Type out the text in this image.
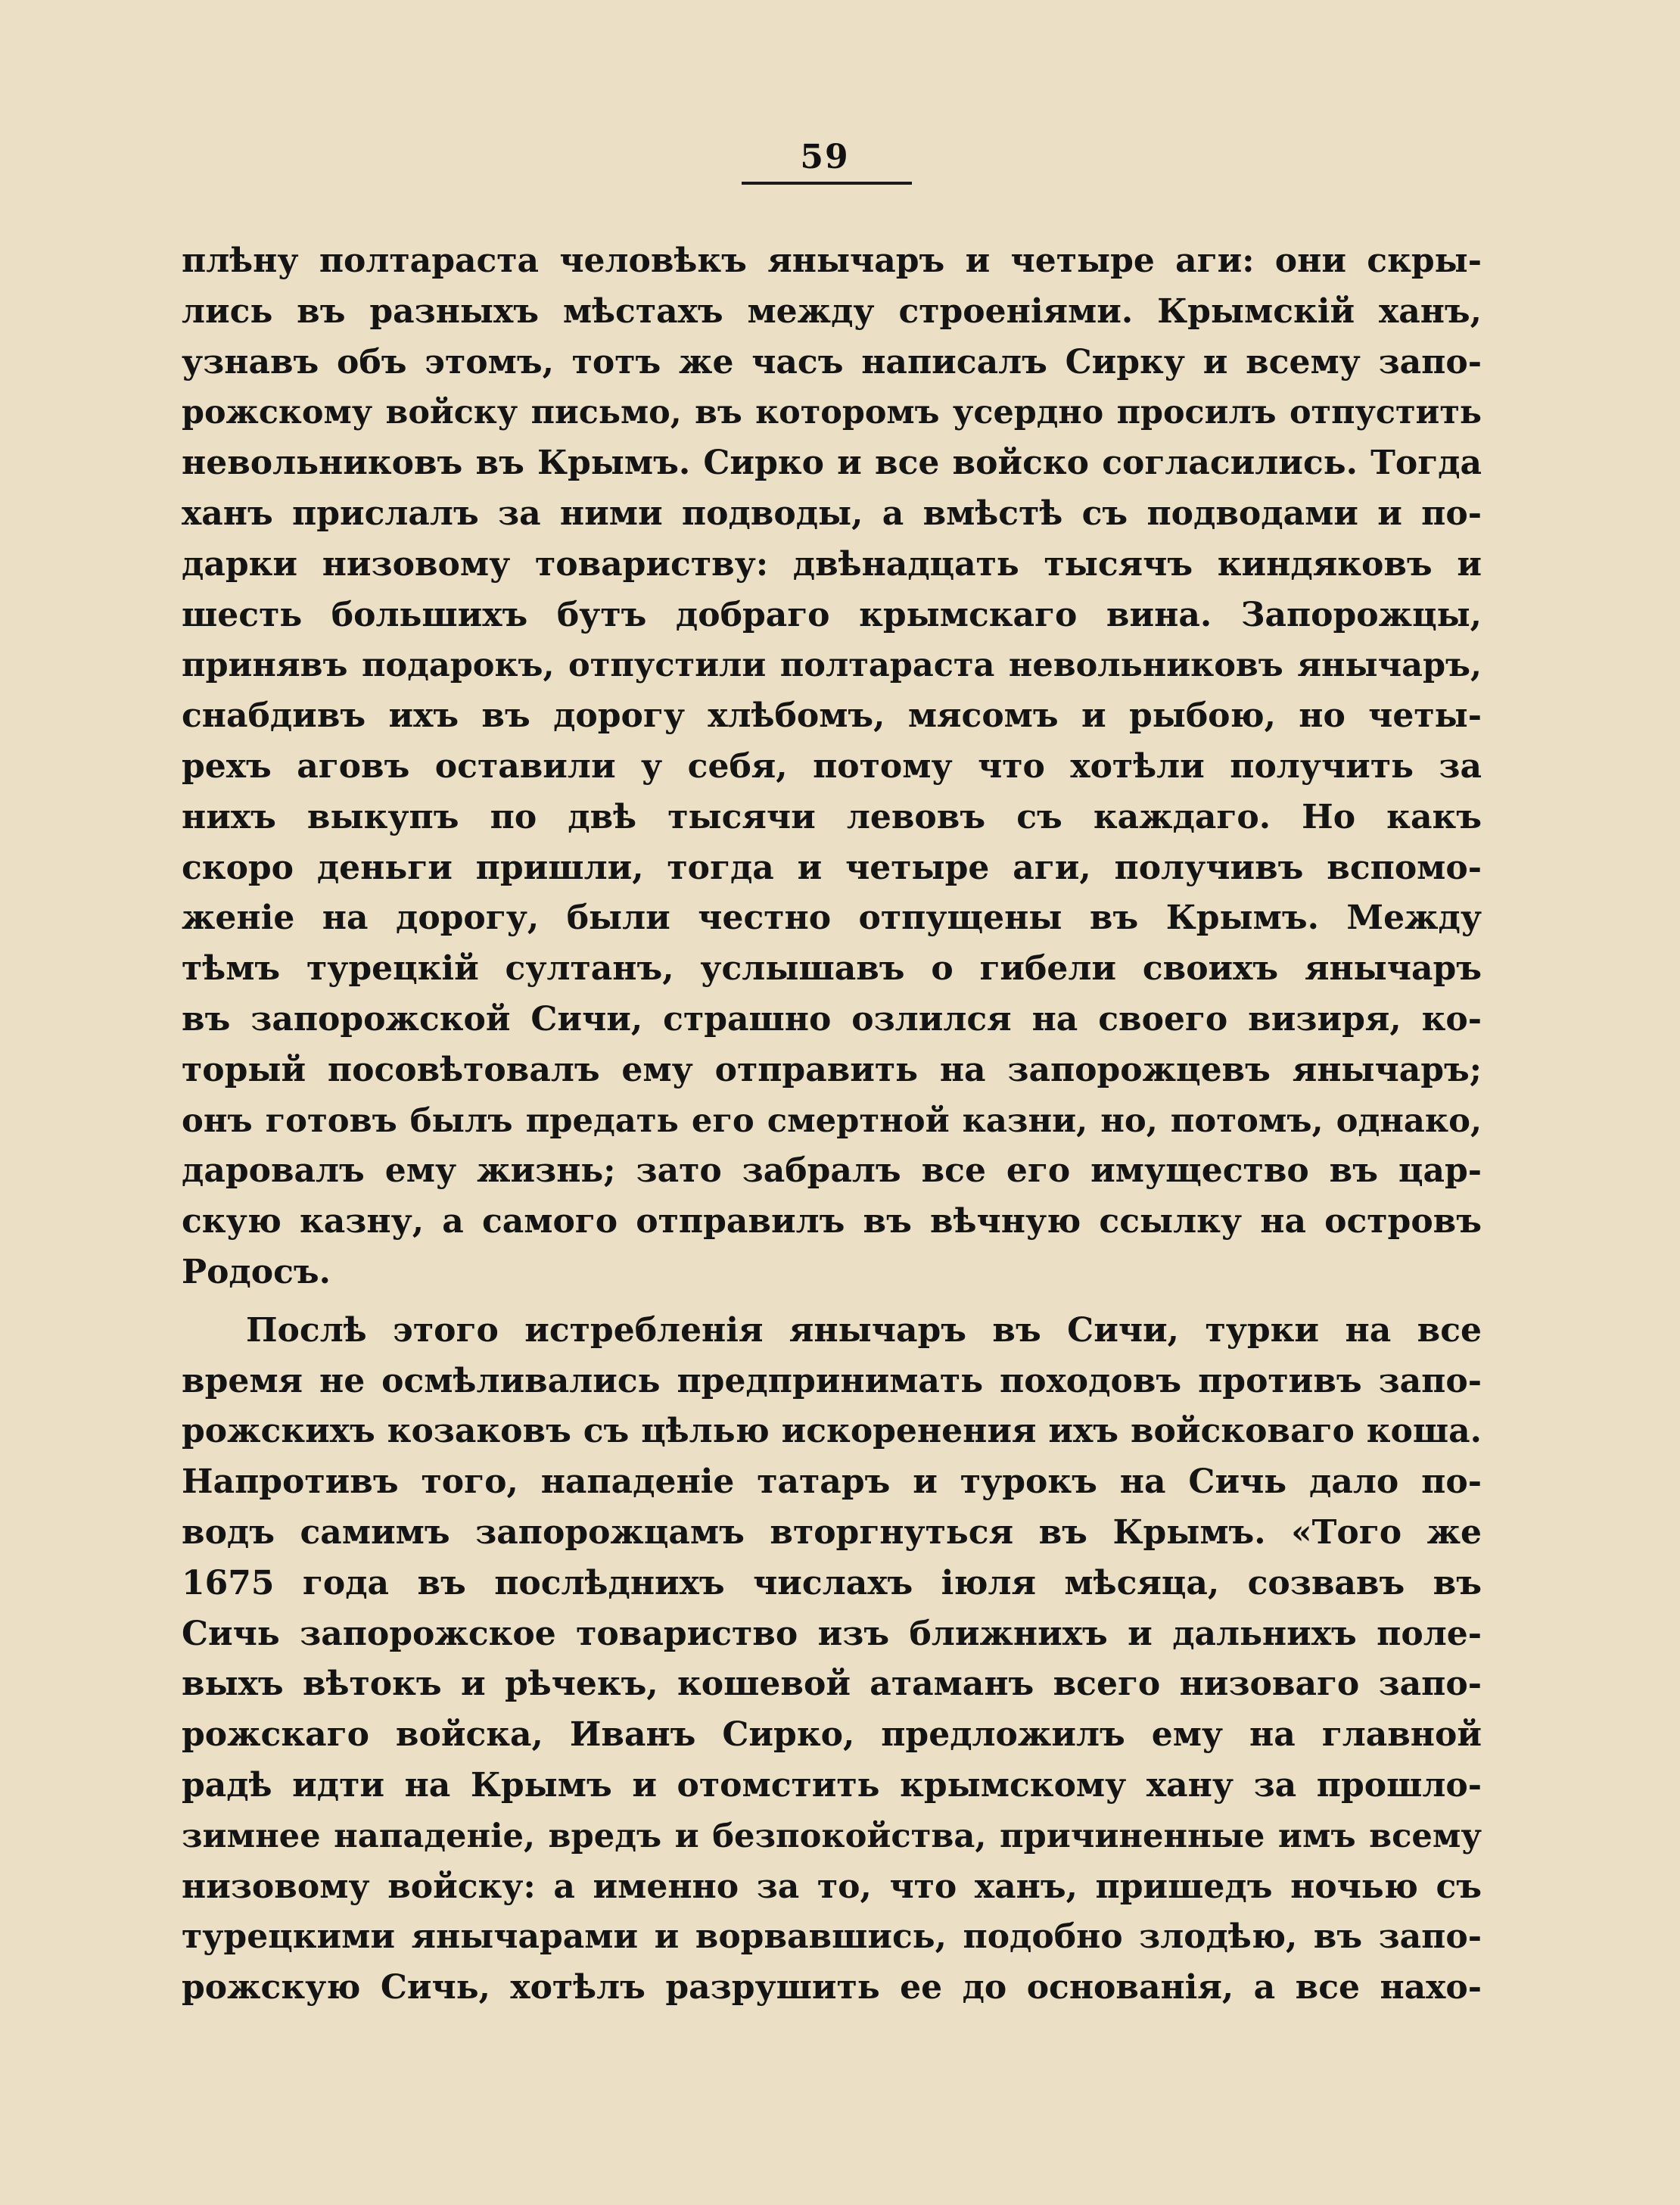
59
плѣну полтараста человѣкъ янычаръ и четыре аги: они скры-
лись въ разныхъ мѣстахъ между строеніями. Крымскій ханъ,
узнавъ объ этомъ, тотъ же часъ написалъ Сирку и всему запо-
рожскому войску письмо, въ которомъ усердно просилъ отпустить
невольниковъ въ Крымъ. Сирко и все войско согласились. Тогда
ханъ прислалъ за ними подводы, а вмѣстѣ съ подводами и по-
дарки низовому товариству: двѣнадцать тысячъ киндяковъ и
шесть большихъ бутъ добраго крымскаго вина. Запорожцы,
принявъ подарокъ, отпустили полтараста невольниковъ янычаръ,
снабдивъ ихъ въ дорогу хлѣбомъ, мясомъ и рыбою, но четы-
рехъ аговъ оставили у себя, потому что хотѣли получить за
нихъ выкупъ по двѣ тысячи левовъ съ каждаго. Но какъ
скоро деньги пришли, тогда и четыре аги, получивъ вспомо-
женіе на дорогу, были честно отпущены въ Крымъ. Между
тѣмъ турецкій султанъ, услышавъ о гибели своихъ янычаръ
въ запорожской Сичи, страшно озлился на своего визиря, ко-
торый посовѣтовалъ ему отправить на запорожцевъ янычаръ;
онъ готовъ былъ предать его смертной казни, но, потомъ, однако,
даровалъ ему жизнь; зато забралъ все его имущество въ цар-
скую казну, а самого отправилъ въ вѣчную ссылку на островъ
Родосъ.
Послѣ этого истребленія янычаръ въ Сичи, турки на все
время не осмѣливались предпринимать походовъ противъ запо-
рожскихъ козаковъ съ цѣлью искоренения ихъ войсковаго коша.
Напротивъ того, нападеніе татаръ и турокъ на Сичь дало по-
водъ самимъ запорожцамъ вторгнуться въ Крымъ. «Того же
1675 года въ послѣднихъ числахъ іюля мѣсяца, созвавъ въ
Сичь запорожское товариство изъ ближнихъ и дальнихъ поле-
выхъ вѣтокъ и рѣчекъ, кошевой атаманъ всего низоваго запо-
рожскаго войска, Иванъ Сирко, предложилъ ему на главной
радѣ идти на Крымъ и отомстить крымскому хану за прошло-
зимнее нападеніе, вредъ и безпокойства, причиненные имъ всему
низовому войску: а именно за то, что ханъ, пришедъ ночью съ
турецкими янычарами и ворвавшись, подобно злодѣю, въ запо-
рожскую Сичь, хотѣлъ разрушить ее до основанія, а все нахо-
